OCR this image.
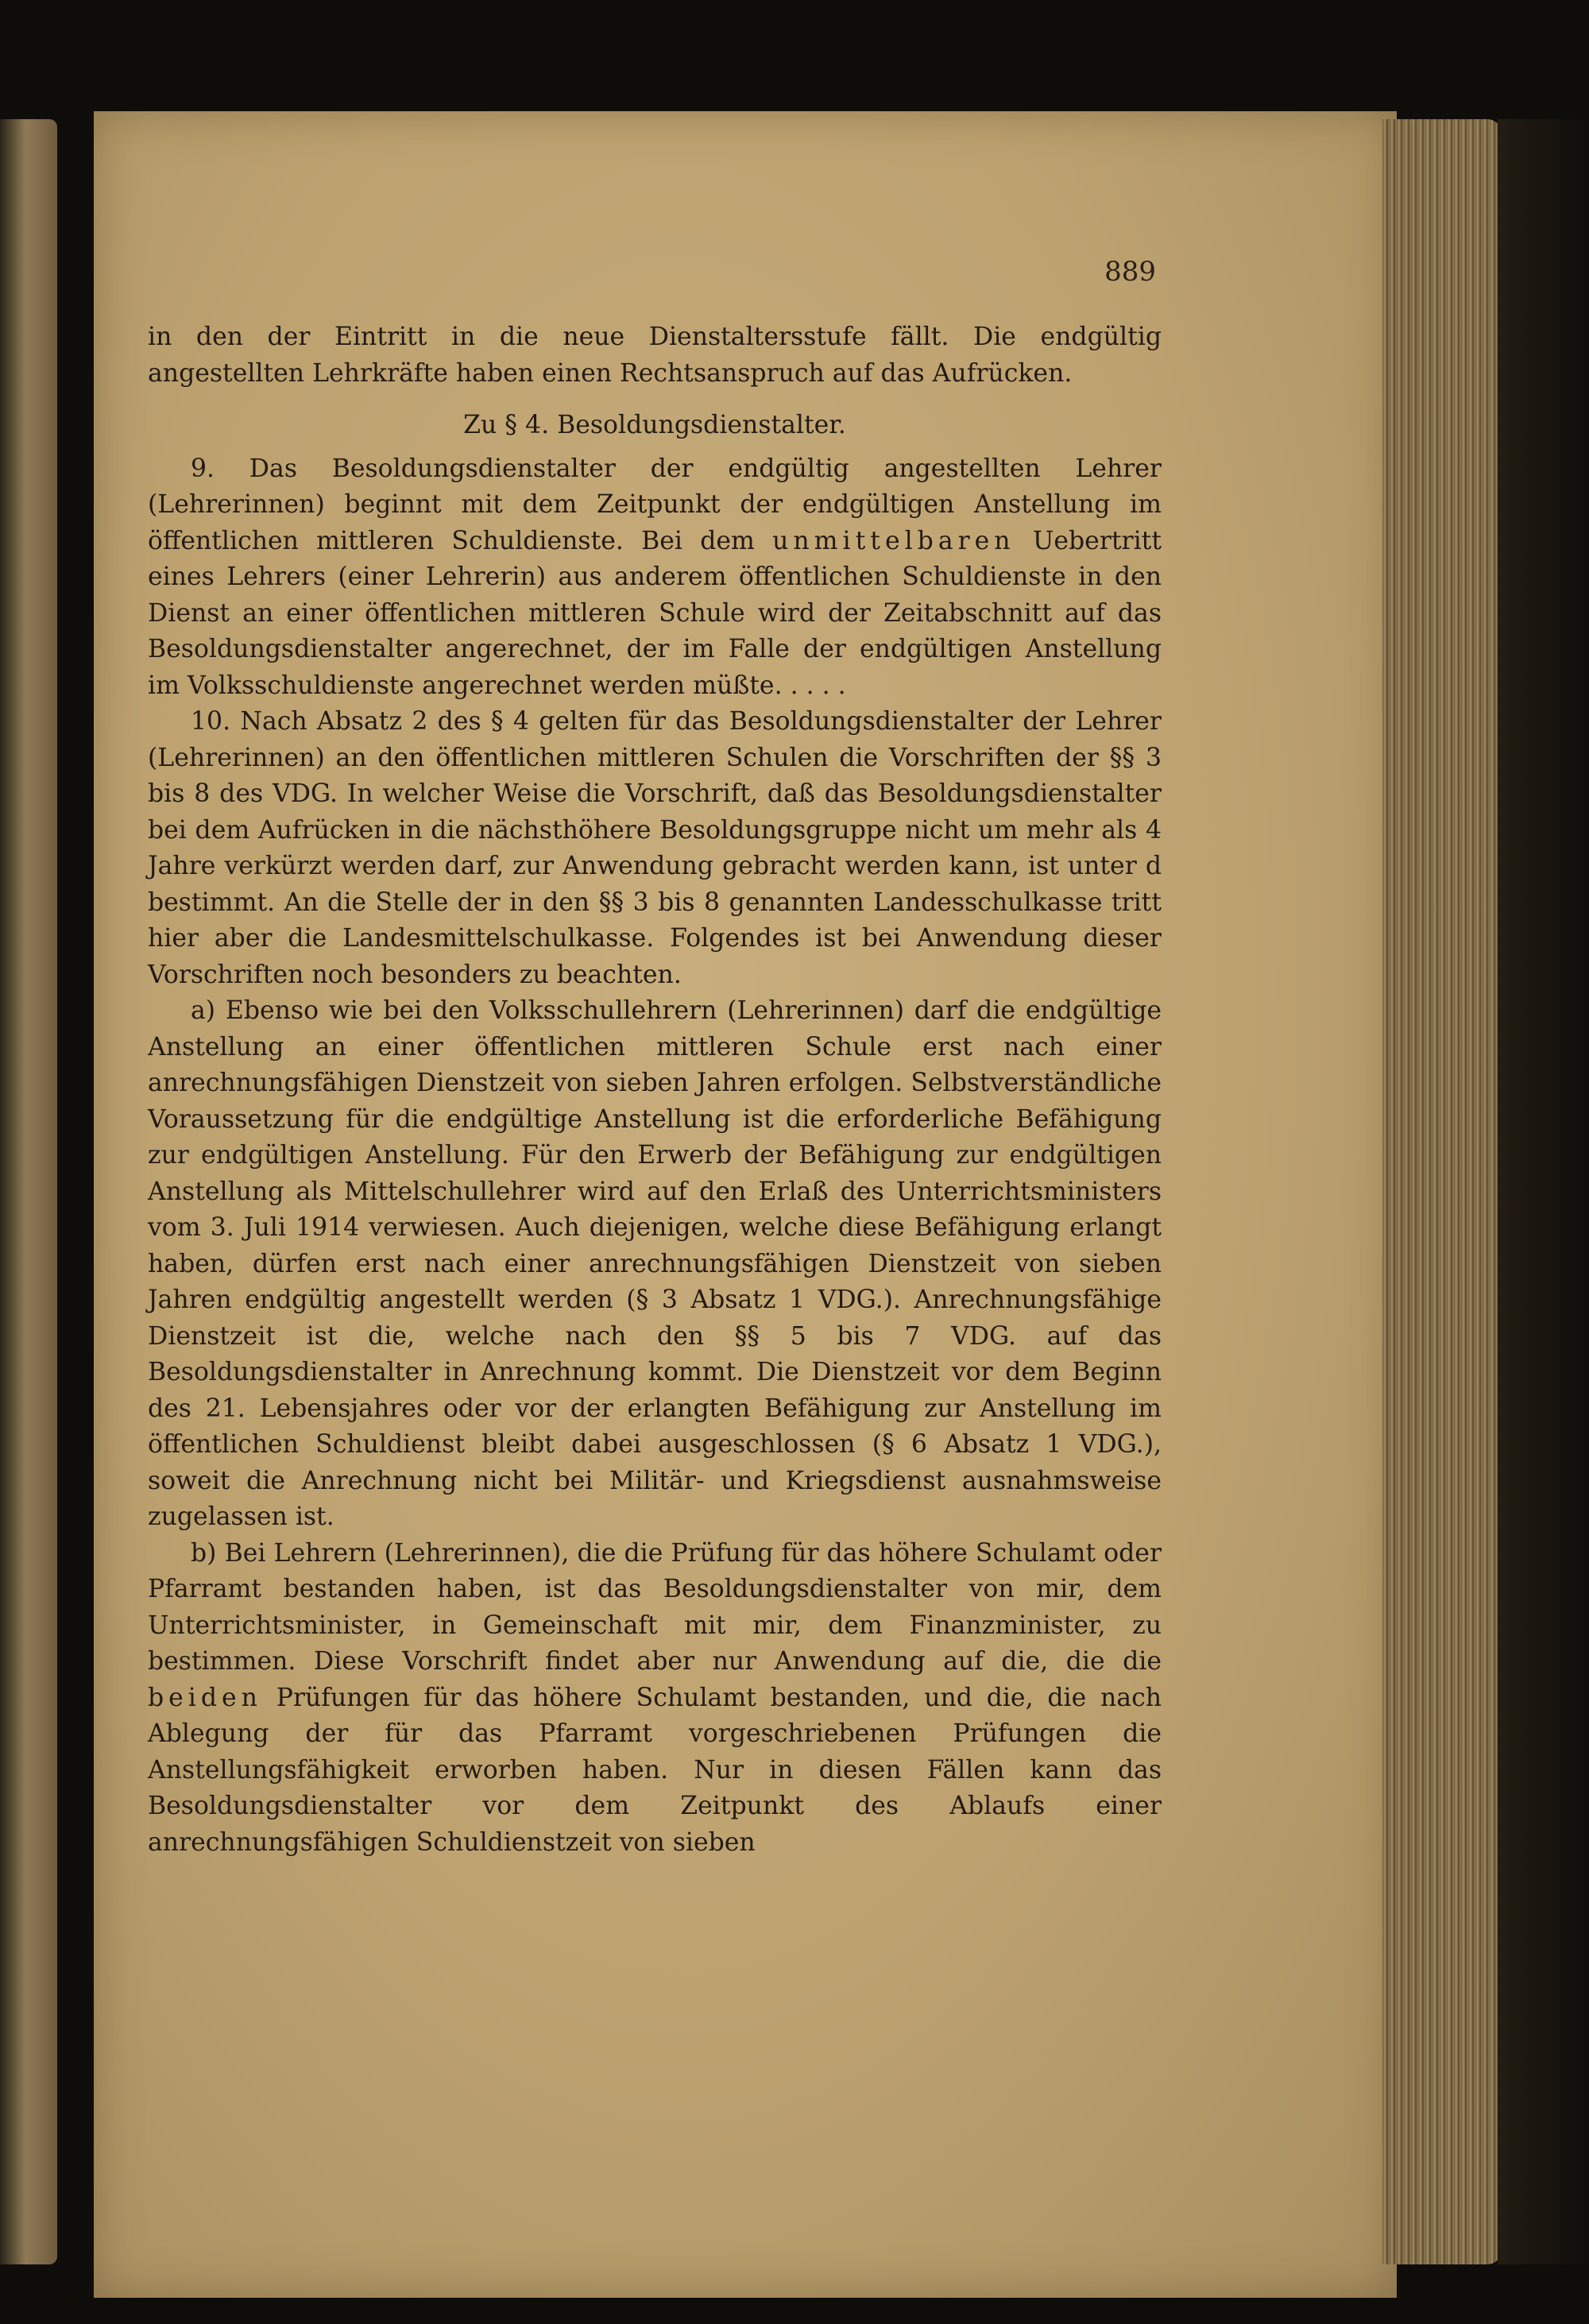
889

in den der Eintritt in die neue Dienstaltersstufe fällt. Die endgültig angestellten Lehrkräfte haben einen Rechtsanspruch auf das Aufrücken.

Zu § 4. Besoldungsdienstalter.

9. Das Besoldungsdienstalter der endgültig angestellten Lehrer (Lehrerinnen) beginnt mit dem Zeitpunkt der endgültigen Anstellung im öffentlichen mittleren Schuldienste. Bei dem unmittelbaren Uebertritt eines Lehrers (einer Lehrerin) aus anderem öffentlichen Schuldienste in den Dienst an einer öffentlichen mittleren Schule wird der Zeitabschnitt auf das Besoldungsdienstalter angerechnet, der im Falle der endgültigen Anstellung im Volksschuldienste angerechnet werden müßte. . . . .

10. Nach Absatz 2 des § 4 gelten für das Besoldungsdienstalter der Lehrer (Lehrerinnen) an den öffentlichen mittleren Schulen die Vorschriften der §§ 3 bis 8 des VDG. In welcher Weise die Vorschrift, daß das Besoldungsdienstalter bei dem Aufrücken in die nächsthöhere Besoldungsgruppe nicht um mehr als 4 Jahre verkürzt werden darf, zur Anwendung gebracht werden kann, ist unter d bestimmt. An die Stelle der in den §§ 3 bis 8 genannten Landesschulkasse tritt hier aber die Landesmittelschulkasse. Folgendes ist bei Anwendung dieser Vorschriften noch besonders zu beachten.

a) Ebenso wie bei den Volksschullehrern (Lehrerinnen) darf die endgültige Anstellung an einer öffentlichen mittleren Schule erst nach einer anrechnungsfähigen Dienstzeit von sieben Jahren erfolgen. Selbstverständliche Voraussetzung für die endgültige Anstellung ist die erforderliche Befähigung zur endgültigen Anstellung. Für den Erwerb der Befähigung zur endgültigen Anstellung als Mittelschullehrer wird auf den Erlaß des Unterrichtsministers vom 3. Juli 1914 verwiesen. Auch diejenigen, welche diese Befähigung erlangt haben, dürfen erst nach einer anrechnungsfähigen Dienstzeit von sieben Jahren endgültig angestellt werden (§ 3 Absatz 1 VDG.). Anrechnungsfähige Dienstzeit ist die, welche nach den §§ 5 bis 7 VDG. auf das Besoldungsdienstalter in Anrechnung kommt. Die Dienstzeit vor dem Beginn des 21. Lebensjahres oder vor der erlangten Befähigung zur Anstellung im öffentlichen Schuldienst bleibt dabei ausgeschlossen (§ 6 Absatz 1 VDG.), soweit die Anrechnung nicht bei Militär- und Kriegsdienst ausnahmsweise zugelassen ist.

b) Bei Lehrern (Lehrerinnen), die die Prüfung für das höhere Schulamt oder Pfarramt bestanden haben, ist das Besoldungsdienstalter von mir, dem Unterrichtsminister, in Gemeinschaft mit mir, dem Finanzminister, zu bestimmen. Diese Vorschrift findet aber nur Anwendung auf die, die die beiden Prüfungen für das höhere Schulamt bestanden, und die, die nach Ablegung der für das Pfarramt vorgeschriebenen Prüfungen die Anstellungsfähigkeit erworben haben. Nur in diesen Fällen kann das Besoldungsdienstalter vor dem Zeitpunkt des Ablaufs einer anrechnungsfähigen Schuldienstzeit von sieben
